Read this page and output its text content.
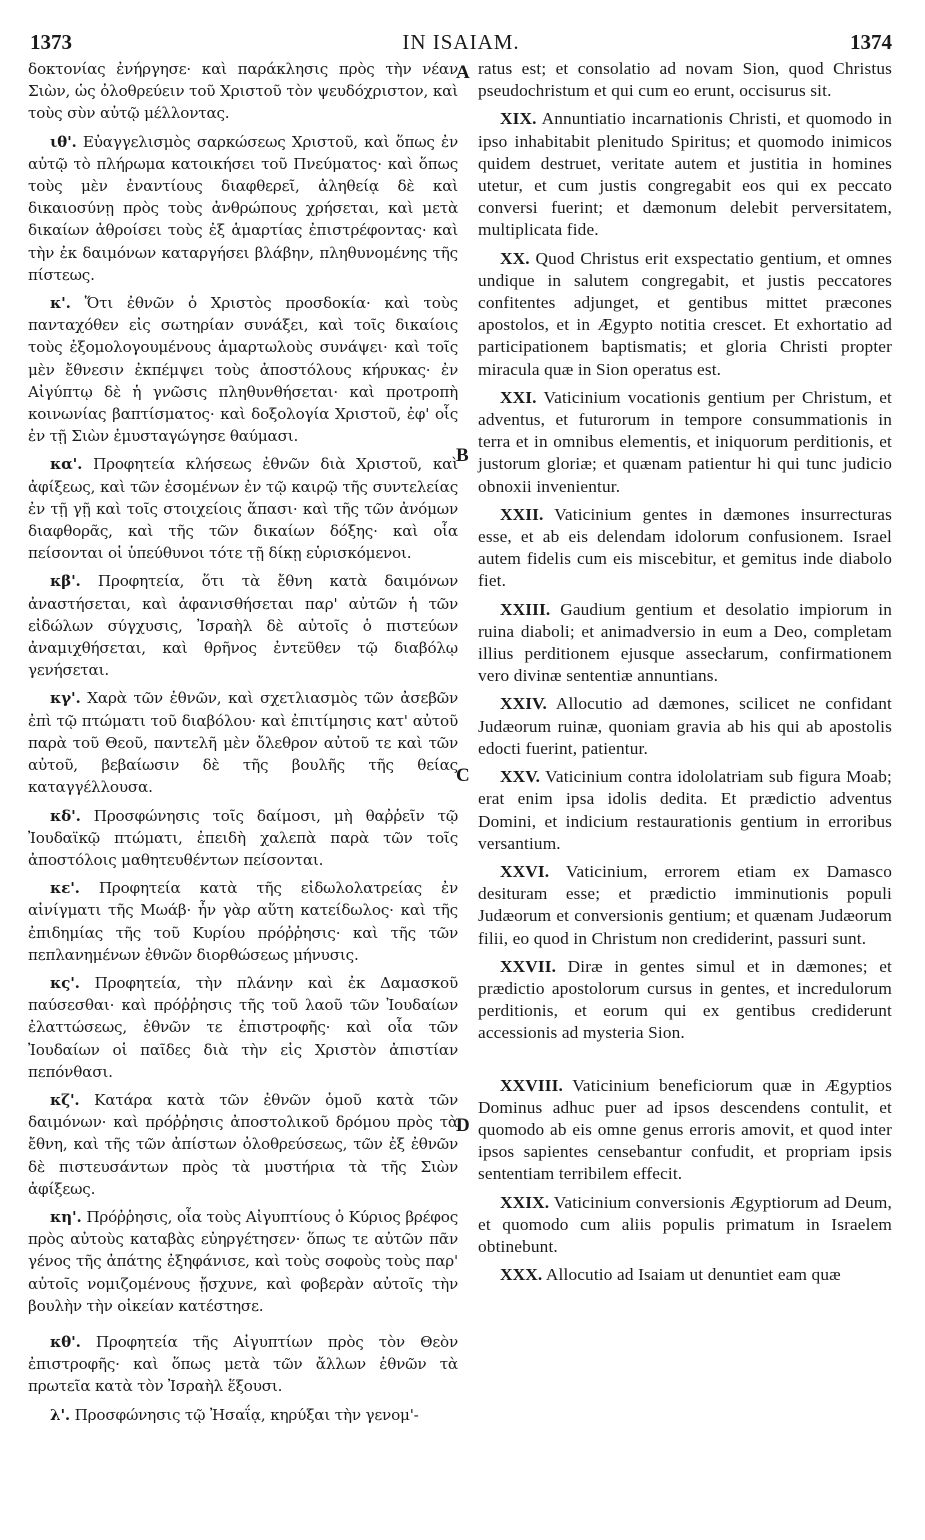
1373	IN ISAIAM.	1374

δοκτονίας ἐνήργησε· καὶ παράκλησις πρὸς τὴν νέαν Σιὼν, ὡς ὀλοθρεύειν τοῦ Χριστοῦ τὸν ψευδόχριστον, καὶ τοὺς σὺν αὐτῷ μέλλοντας.

ιθ'. Εὐαγγελισμὸς σαρκώσεως Χριστοῦ, καὶ ὅπως ἐν αὐτῷ τὸ πλήρωμα κατοικήσει τοῦ Πνεύματος· καὶ ὅπως τοὺς μὲν ἐναντίους διαφθερεῖ, ἀληθείᾳ δὲ καὶ δικαιοσύνῃ πρὸς τοὺς ἀνθρώπους χρήσεται, καὶ μετὰ δικαίων ἀθροίσει τοὺς ἐξ ἁμαρτίας ἐπιστρέφοντας· καὶ τὴν ἐκ δαιμόνων καταργήσει βλάβην, πληθυνομένης τῆς πίστεως.

κ'. Ὅτι ἐθνῶν ὁ Χριστὸς προσδοκία· καὶ τοὺς πανταχόθεν εἰς σωτηρίαν συνάξει, καὶ τοῖς δικαίοις τοὺς ἐξομολογουμένους ἁμαρτωλοὺς συνάψει· καὶ τοῖς μὲν ἔθνεσιν ἐκπέμψει τοὺς ἀποστόλους κήρυκας· ἐν Αἰγύπτῳ δὲ ἡ γνῶσις πληθυνθήσεται· καὶ προτροπὴ κοινωνίας βαπτίσματος· καὶ δοξολογία Χριστοῦ, ἐφ' οἷς ἐν τῇ Σιὼν ἐμυσταγώγησε θαύμασι.

κα'. Προφητεία κλήσεως ἐθνῶν διὰ Χριστοῦ, καὶ ἀφίξεως, καὶ τῶν ἐσομένων ἐν τῷ καιρῷ τῆς συντελείας ἐν τῇ γῇ καὶ τοῖς στοιχείοις ἅπασι· καὶ τῆς τῶν ἀνόμων διαφθορᾶς, καὶ τῆς τῶν δικαίων δόξης· καὶ οἷα πείσονται οἱ ὑπεύθυνοι τότε τῇ δίκῃ εὑρισκόμενοι.

κβ'. Προφητεία, ὅτι τὰ ἔθνη κατὰ δαιμόνων ἀναστήσεται, καὶ ἀφανισθήσεται παρ' αὐτῶν ἡ τῶν εἰδώλων σύγχυσις, Ἰσραὴλ δὲ αὐτοῖς ὁ πιστεύων ἀναμιχθήσεται, καὶ θρῆνος ἐντεῦθεν τῷ διαβόλῳ γενήσεται.

κγ'. Χαρὰ τῶν ἐθνῶν, καὶ σχετλιασμὸς τῶν ἀσεβῶν ἐπὶ τῷ πτώματι τοῦ διαβόλου· καὶ ἐπιτίμησις κατ' αὐτοῦ παρὰ τοῦ Θεοῦ, παντελῆ μὲν ὄλεθρον αὐτοῦ τε καὶ τῶν αὐτοῦ, βεβαίωσιν δὲ τῆς βουλῆς τῆς θείας καταγγέλλουσα.

κδ'. Προσφώνησις τοῖς δαίμοσι, μὴ θαῤῥεῖν τῷ Ἰουδαϊκῷ πτώματι, ἐπειδὴ χαλεπὰ παρὰ τῶν τοῖς ἀποστόλοις μαθητευθέντων πείσονται.

κε'. Προφητεία κατὰ τῆς εἰδωλολατρείας ἐν αἰνίγματι τῆς Μωάβ· ἦν γὰρ αὕτη κατείδωλος· καὶ τῆς ἐπιδημίας τῆς τοῦ Κυρίου πρόῤῥησις· καὶ τῆς τῶν πεπλανημένων ἐθνῶν διορθώσεως μήνυσις.

κς'. Προφητεία, τὴν πλάνην καὶ ἐκ Δαμασκοῦ παύσεσθαι· καὶ πρόῤῥησις τῆς τοῦ λαοῦ τῶν Ἰουδαίων ἐλαττώσεως, ἐθνῶν τε ἐπιστροφῆς· καὶ οἷα τῶν Ἰουδαίων οἱ παῖδες διὰ τὴν εἰς Χριστὸν ἀπιστίαν πεπόνθασι.

κζ'. Κατάρα κατὰ τῶν ἐθνῶν ὁμοῦ κατὰ τῶν δαιμόνων· καὶ πρόῤῥησις ἀποστολικοῦ δρόμου πρὸς τὰ ἔθνη, καὶ τῆς τῶν ἀπίστων ὀλοθρεύσεως, τῶν ἐξ ἐθνῶν δὲ πιστευσάντων πρὸς τὰ μυστήρια τὰ τῆς Σιὼν ἀφίξεως.

κη'. Πρόῤῥησις, οἷα τοὺς Αἰγυπτίους ὁ Κύριος βρέφος πρὸς αὐτοὺς καταβὰς εὐηργέτησεν· ὅπως τε αὐτῶν πᾶν γένος τῆς ἀπάτης ἐξηφάνισε, καὶ τοὺς σοφοὺς τοὺς παρ' αὐτοῖς νομιζομένους ᾔσχυνε, καὶ φοβερὰν αὐτοῖς τὴν βουλὴν τὴν οἰκείαν κατέστησε.

κθ'. Προφητεία τῆς Αἰγυπτίων πρὸς τὸν Θεὸν ἐπιστροφῆς· καὶ ὅπως μετὰ τῶν ἄλλων ἐθνῶν τὰ πρωτεῖα κατὰ τὸν Ἰσραὴλ ἕξουσι.

λ'. Προσφώνησις τῷ Ἠσαΐᾳ, κηρύξαι τὴν γενομ'-

A
B
C
D

ratus est; et consolatio ad novam Sion, quod Christus pseudochristum et qui cum eo erunt, occisurus sit.

XIX. Annuntiatio incarnationis Christi, et quomodo in ipso inhabitabit plenitudo Spiritus; et quomodo inimicos quidem destruet, veritate autem et justitia in homines utetur, et cum justis congregabit eos qui ex peccato conversi fuerint; et dæmonum delebit perversitatem, multiplicata fide.

XX. Quod Christus erit exspectatio gentium, et omnes undique in salutem congregabit, et justis peccatores confitentes adjunget, et gentibus mittet præcones apostolos, et in Ægypto notitia crescet. Et exhortatio ad participationem baptismatis; et gloria Christi propter miracula quæ in Sion operatus est.

XXI. Vaticinium vocationis gentium per Christum, et adventus, et futurorum in tempore consummationis in terra et in omnibus elementis, et iniquorum perditionis, et justorum gloriæ; et quænam patientur hi qui tunc judicio obnoxii invenientur.

XXII. Vaticinium gentes in dæmones insurrecturas esse, et ab eis delendam idolorum confusionem. Israel autem fidelis cum eis miscebitur, et gemitus inde diabolo fiet.

XXIII. Gaudium gentium et desolatio impiorum in ruina diaboli; et animadversio in eum a Deo, completam illius perditionem ejusque assecłarum, confirmationem vero divinæ sententiæ annuntians.

XXIV. Allocutio ad dæmones, scilicet ne confidant Judæorum ruinæ, quoniam gravia ab his qui ab apostolis edocti fuerint, patientur.

XXV. Vaticinium contra idololatriam sub figura Moab; erat enim ipsa idolis dedita. Et prædictio adventus Domini, et indicium restaurationis gentium in erroribus versantium.

XXVI. Vaticinium, errorem etiam ex Damasco desituram esse; et prædictio imminutionis populi Judæorum et conversionis gentium; et quænam Judæorum filii, eo quod in Christum non crediderint, passuri sunt.

XXVII. Diræ in gentes simul et in dæmones; et prædictio apostolorum cursus in gentes, et incredulorum perditionis, et eorum qui ex gentibus crediderunt accessionis ad mysteria Sion.

XXVIII. Vaticinium beneficiorum quæ in Ægyptios Dominus adhuc puer ad ipsos descendens contulit, et quomodo ab eis omne genus erroris amovit, et quod inter ipsos sapientes censebantur confudit, et propriam ipsis sententiam terribilem effecit.

XXIX. Vaticinium conversionis Ægyptiorum ad Deum, et quomodo cum aliis populis primatum in Israelem obtinebunt.

XXX. Allocutio ad Isaiam ut denuntiet eam quæ
